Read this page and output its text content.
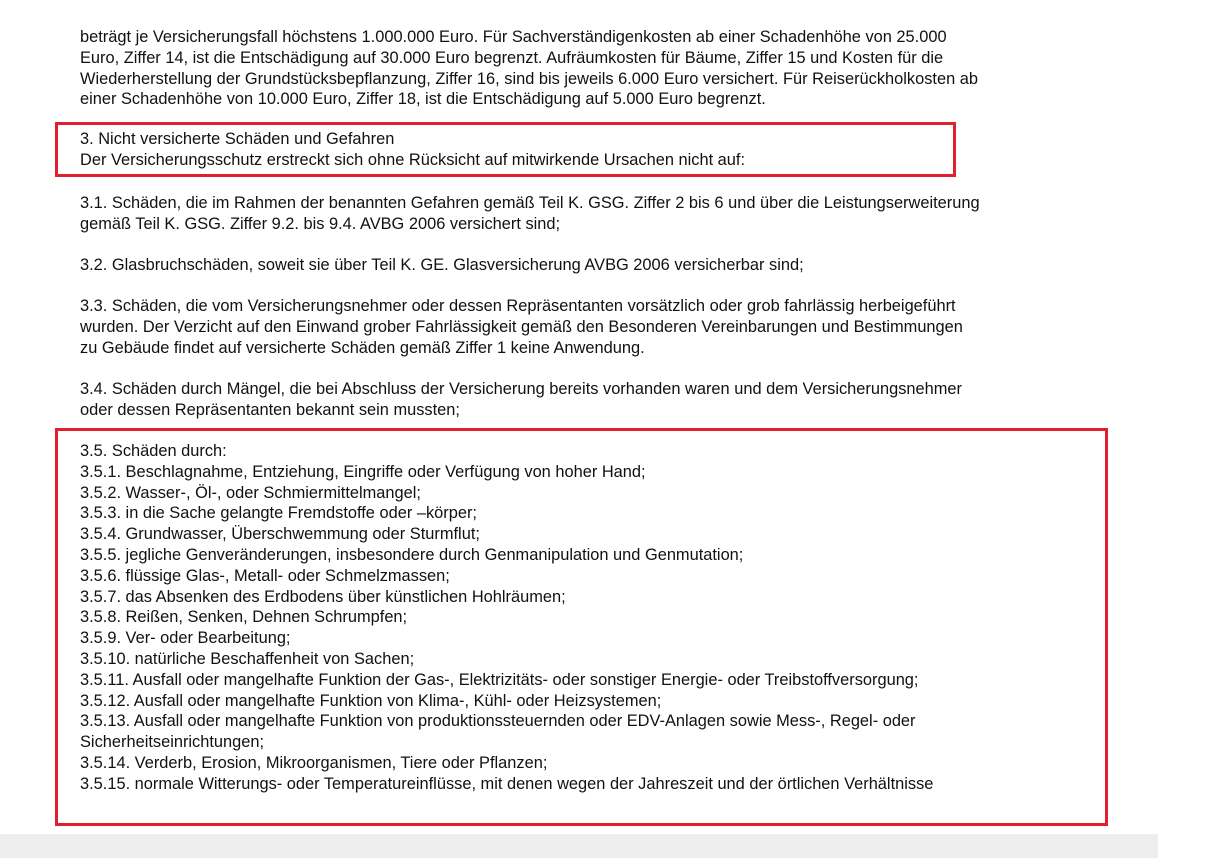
beträgt je Versicherungsfall höchstens 1.000.000 Euro. Für Sachverständigenkosten ab einer Schadenhöhe von 25.000
Euro, Ziffer 14, ist die Entschädigung auf 30.000 Euro begrenzt. Aufräumkosten für Bäume, Ziffer 15 und Kosten für die
Wiederherstellung der Grundstücksbepflanzung, Ziffer 16, sind bis jeweils 6.000 Euro versichert. Für Reiserückholkosten ab
einer Schadenhöhe von 10.000 Euro, Ziffer 18, ist die Entschädigung auf 5.000 Euro begrenzt.
3. Nicht versicherte Schäden und Gefahren
Der Versicherungsschutz erstreckt sich ohne Rücksicht auf mitwirkende Ursachen nicht auf:
3.1. Schäden, die im Rahmen der benannten Gefahren gemäß Teil K. GSG. Ziffer 2 bis 6 und über die Leistungserweiterung
gemäß Teil K. GSG. Ziffer 9.2. bis 9.4. AVBG 2006 versichert sind;
3.2. Glasbruchschäden, soweit sie über Teil K. GE. Glasversicherung AVBG 2006 versicherbar sind;
3.3. Schäden, die vom Versicherungsnehmer oder dessen Repräsentanten vorsätzlich oder grob fahrlässig herbeigeführt
wurden. Der Verzicht auf den Einwand grober Fahrlässigkeit gemäß den Besonderen Vereinbarungen und Bestimmungen
zu Gebäude findet auf versicherte Schäden gemäß Ziffer 1 keine Anwendung.
3.4. Schäden durch Mängel, die bei Abschluss der Versicherung bereits vorhanden waren und dem Versicherungsnehmer
oder dessen Repräsentanten bekannt sein mussten;
3.5. Schäden durch:
3.5.1. Beschlagnahme, Entziehung, Eingriffe oder Verfügung von hoher Hand;
3.5.2. Wasser-, Öl-, oder Schmiermittelmangel;
3.5.3. in die Sache gelangte Fremdstoffe oder –körper;
3.5.4. Grundwasser, Überschwemmung oder Sturmflut;
3.5.5. jegliche Genveränderungen, insbesondere durch Genmanipulation und Genmutation;
3.5.6. flüssige Glas-, Metall- oder Schmelzmassen;
3.5.7. das Absenken des Erdbodens über künstlichen Hohlräumen;
3.5.8. Reißen, Senken, Dehnen Schrumpfen;
3.5.9. Ver- oder Bearbeitung;
3.5.10. natürliche Beschaffenheit von Sachen;
3.5.11. Ausfall oder mangelhafte Funktion der Gas-, Elektrizitäts- oder sonstiger Energie- oder Treibstoffversorgung;
3.5.12. Ausfall oder mangelhafte Funktion von Klima-, Kühl- oder Heizsystemen;
3.5.13. Ausfall oder mangelhafte Funktion von produktionssteuernden oder EDV-Anlagen sowie Mess-, Regel- oder
Sicherheitseinrichtungen;
3.5.14. Verderb, Erosion, Mikroorganismen, Tiere oder Pflanzen;
3.5.15. normale Witterungs- oder Temperatureinflüsse, mit denen wegen der Jahreszeit und der örtlichen Verhältnisse
